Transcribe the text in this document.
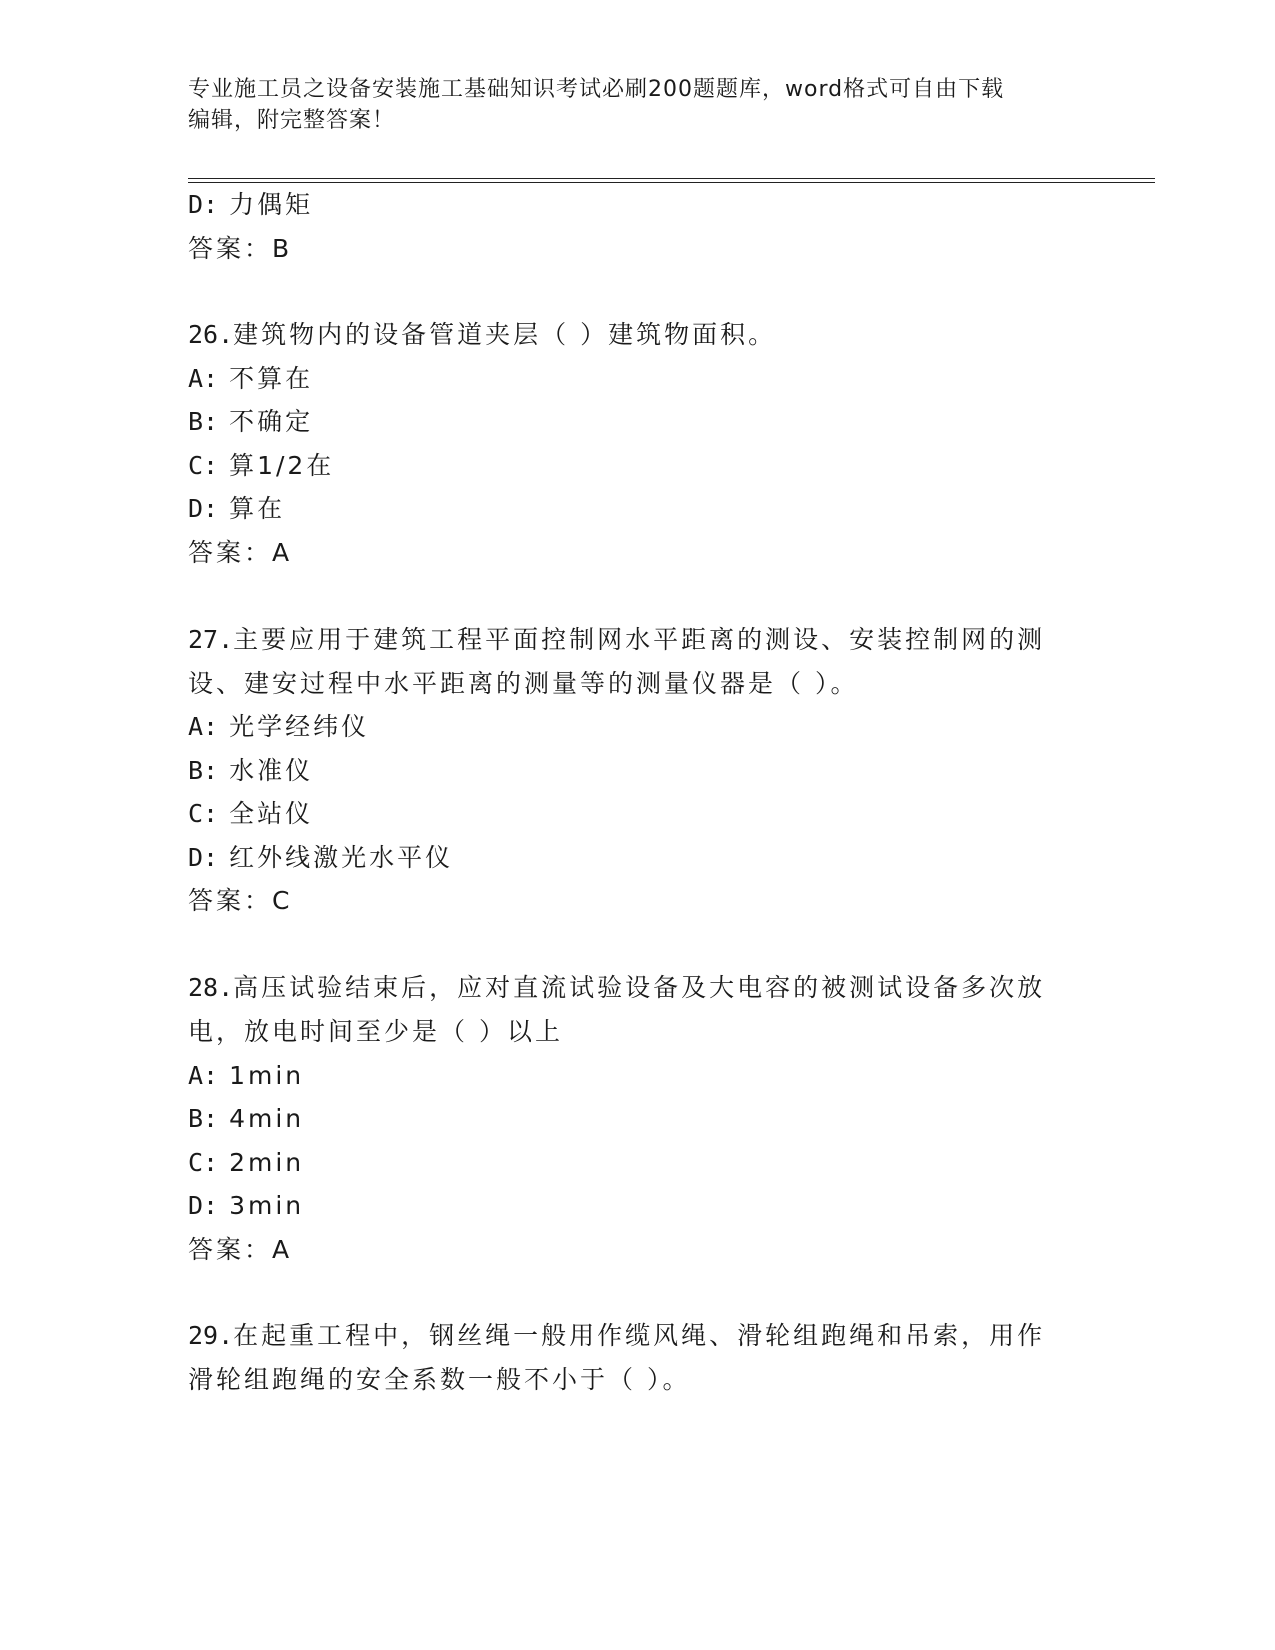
专业施工员之设备安装施工基础知识考试必刷200题题库，word格式可自由下载
编辑，附完整答案！
D: 力偶矩
答案：B
26.建筑物内的设备管道夹层（ ）建筑物面积。
A: 不算在
B: 不确定
C: 算1/2在
D: 算在
答案：A
27.主要应用于建筑工程平面控制网水平距离的测设、安装控制网的测
设、建安过程中水平距离的测量等的测量仪器是（ ）。
A: 光学经纬仪
B: 水准仪
C: 全站仪
D: 红外线激光水平仪
答案：C
28.高压试验结束后，应对直流试验设备及大电容的被测试设备多次放
电，放电时间至少是（ ）以上
A: 1min
B: 4min
C: 2min
D: 3min
答案：A
29.在起重工程中，钢丝绳一般用作缆风绳、滑轮组跑绳和吊索，用作
滑轮组跑绳的安全系数一般不小于（ ）。
